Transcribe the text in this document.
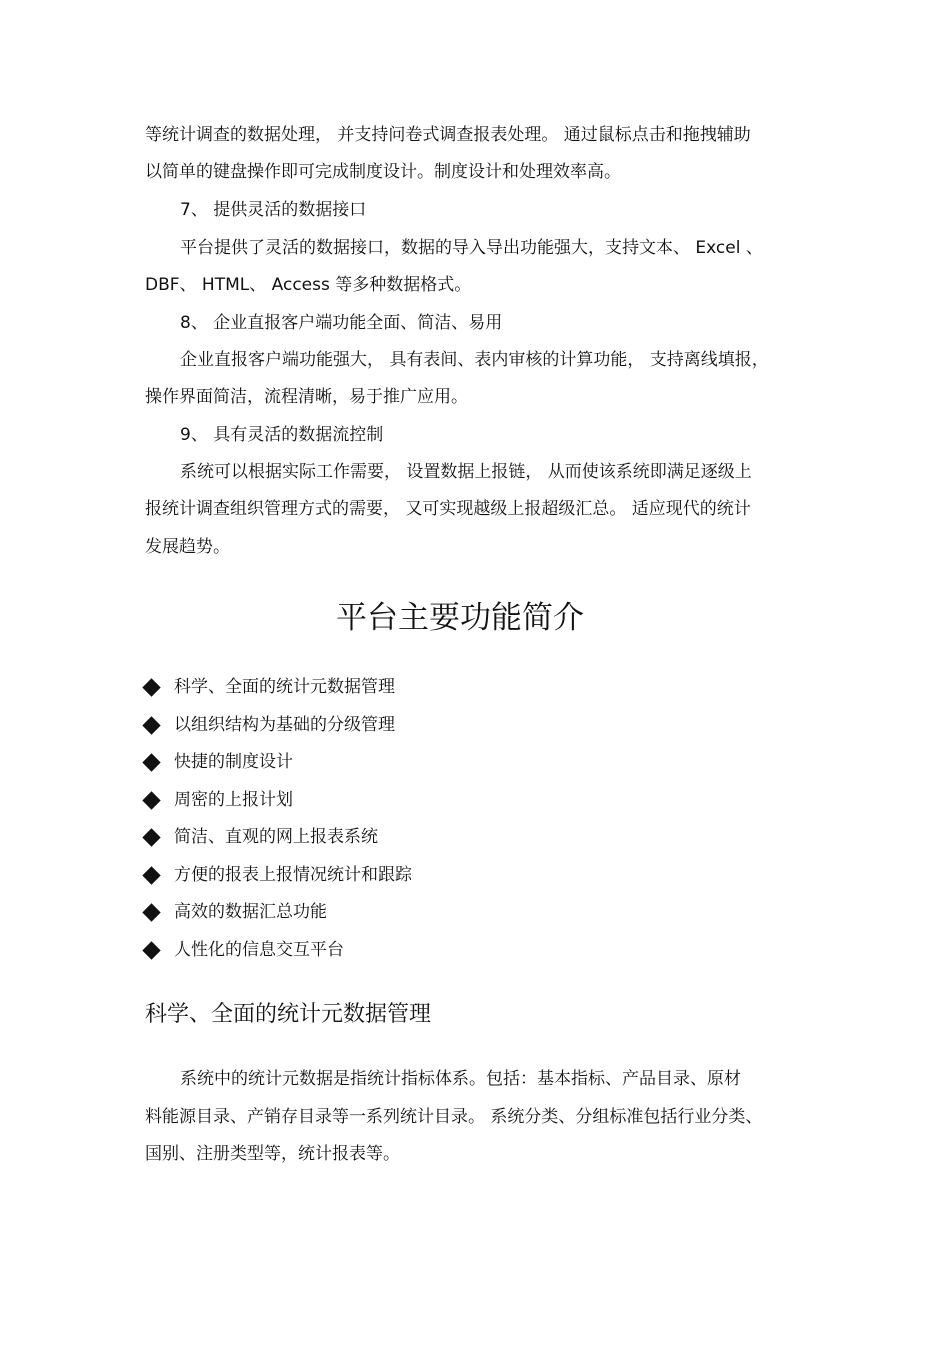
等统计调查的数据处理， 并支持问卷式调查报表处理。 通过鼠标点击和拖拽辅助
以简单的键盘操作即可完成制度设计。制度设计和处理效率高。
7、 提供灵活的数据接口
平台提供了灵活的数据接口，数据的导入导出功能强大，支持文本、 Excel 、
DBF、 HTML、 Access 等多种数据格式。
8、 企业直报客户端功能全面、简洁、易用
企业直报客户端功能强大， 具有表间、表内审核的计算功能， 支持离线填报，
操作界面简洁，流程清晰，易于推广应用。
9、 具有灵活的数据流控制
系统可以根据实际工作需要， 设置数据上报链， 从而使该系统即满足逐级上
报统计调查组织管理方式的需要， 又可实现越级上报超级汇总。 适应现代的统计
发展趋势。
平台主要功能简介
科学、全面的统计元数据管理
以组织结构为基础的分级管理
快捷的制度设计
周密的上报计划
简洁、直观的网上报表系统
方便的报表上报情况统计和跟踪
高效的数据汇总功能
人性化的信息交互平台
科学、全面的统计元数据管理
系统中的统计元数据是指统计指标体系。包括：基本指标、产品目录、原材
料能源目录、产销存目录等一系列统计目录。 系统分类、分组标准包括行业分类、
国别、注册类型等，统计报表等。
